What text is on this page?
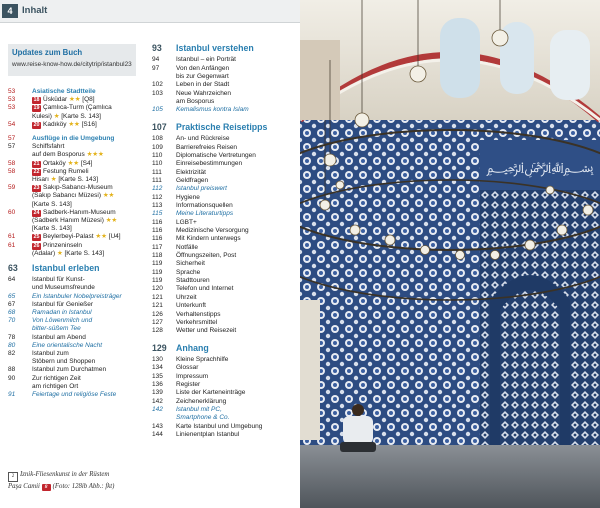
4	Inhalt
Updates zum Buch
www.reise-know-how.de/citytrip/istanbul23
53	Asiatische Stadtteile
53	18 Üsküdar ★★ [Q8]
53	19 Çamlıca-Turm (Çamlıca
Kulesi) ★ [Karte S. 143]
54	20 Kadıköy ★★ [S16]
57	Ausflüge in die Umgebung
57	Schiffsfahrt
auf dem Bosporus ★★★
58	21 Ortaköy ★★ [S4]
58	22 Festung Rumeli
Hisarı ★ [Karte S. 143]
59	23 Sakıp-Sabancı-Museum
(Sakıp Sabancı Müzesi) ★★
[Karte S. 143]
60	24 Sadberk-Hanım-Museum
(Sadberk Hanım Müzesi) ★★
[Karte S. 143]
61	25 Beylerbeyi-Palast ★★ [U4]
61	26 Prinzeninseln
(Adalar) ★ [Karte S. 143]
63	Istanbul erleben
64	Istanbul für Kunst-
und Museumsfreunde
65	Ein Istanbuler Nobelpreisträger
67	Istanbul für Genießer
68	Ramadan in Istanbul
70	Von Löwenmilch und
bitter-süßem Tee
78	Istanbul am Abend
80	Eine orientalische Nacht
82	Istanbul zum
Stöbern und Shoppen
88	Istanbul zum Durchatmen
90	Zur richtigen Zeit
am richtigen Ort
91	Feiertage und religiöse Feste
93	Istanbul verstehen
94	Istanbul – ein Porträt
97	Von den Anfängen
bis zur Gegenwart
102	Leben in der Stadt
103	Neue Wahrzeichen
am Bosporus
105	Kemalismus kontra Islam
107	Praktische Reisetipps
108	An- und Rückreise
109	Barrierefreies Reisen
110	Diplomatische Vertretungen
110	Einreisebestimmungen
111	Elektrizität
111	Geldfragen
112	Istanbul preiswert
112	Hygiene
113	Informationsquellen
115	Meine Literaturtipps
116	LGBT+
116	Medizinische Versorgung
116	Mit Kindern unterwegs
117	Notfälle
118	Öffnungszeiten, Post
119	Sicherheit
119	Sprache
119	Stadttouren
120	Telefon und Internet
121	Uhrzeit
121	Unterkunft
126	Verhaltenstipps
127	Verkehrsmittel
128	Wetter und Reisezeit
129	Anhang
130	Kleine Sprachhilfe
134	Glossar
135	Impressum
136	Register
139	Liste der Karteneinträge
142	Zeichenerklärung
142	Istanbul mit PC,
Smartphone & Co.
143	Karte Istanbul und Umgebung
144	Linienentplan Istanbul
2 Iznik-Fliesenkunst in der Rüstem
Paşa Camii 8 (Foto: 128ib Abb.: fkt)
﷽
